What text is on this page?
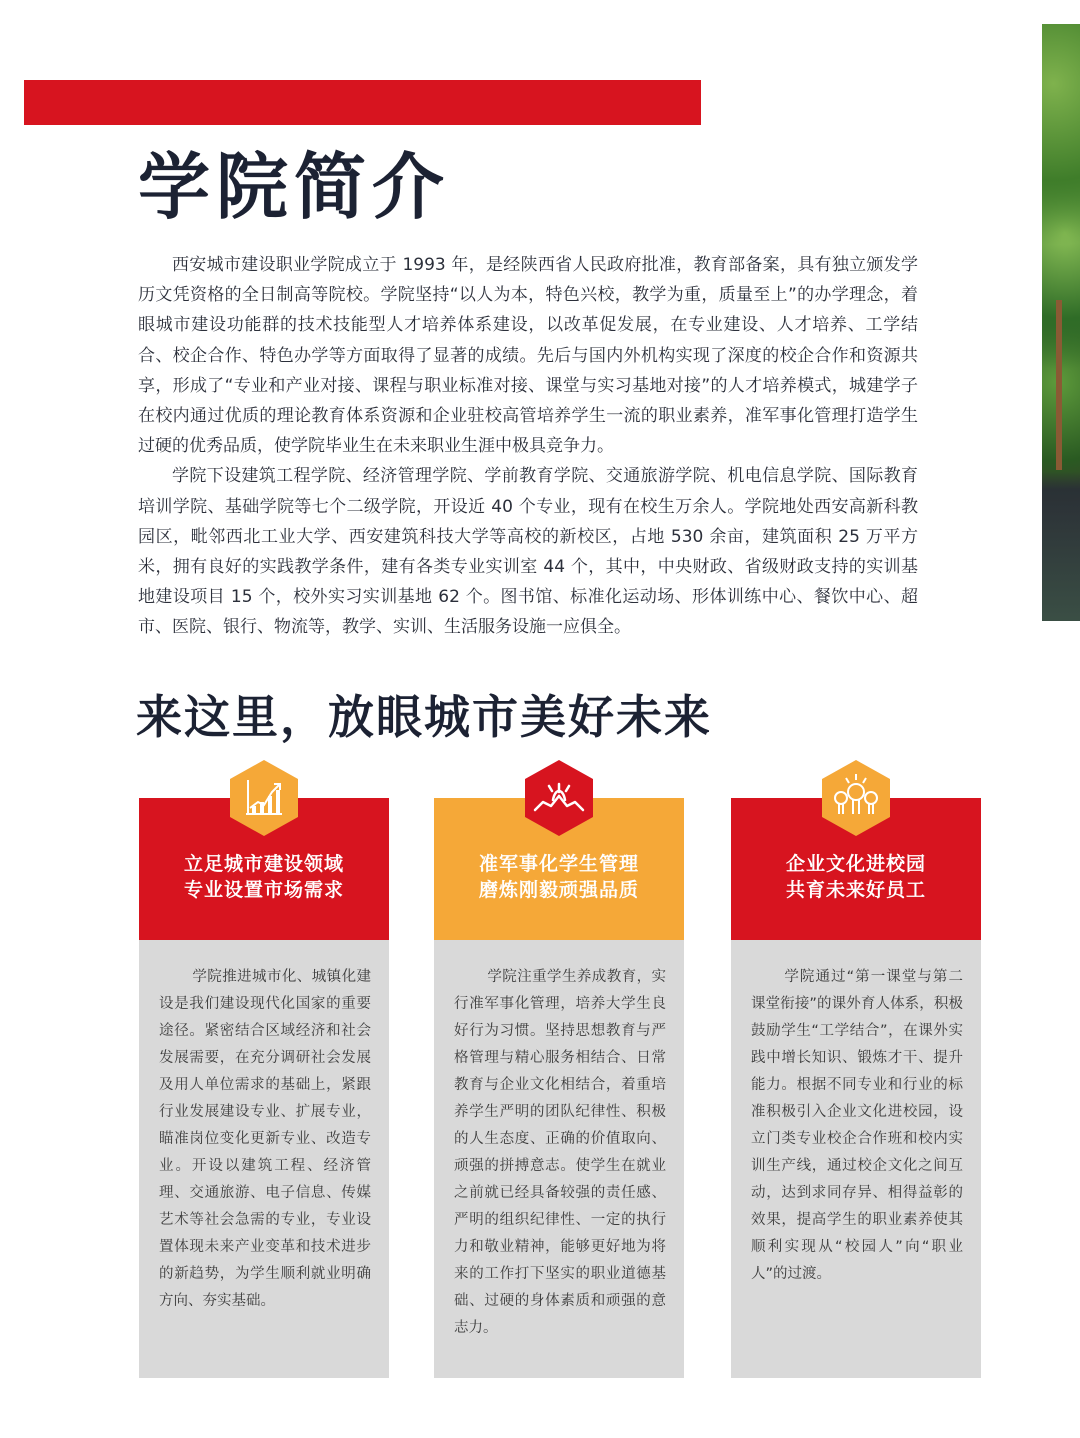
学院简介

西安城市建设职业学院成立于 1993 年，是经陕西省人民政府批准，教育部备案，具有独立颁发学历文凭资格的全日制高等院校。学院坚持“以人为本，特色兴校，教学为重，质量至上”的办学理念，着眼城市建设功能群的技术技能型人才培养体系建设，以改革促发展，在专业建设、人才培养、工学结合、校企合作、特色办学等方面取得了显著的成绩。先后与国内外机构实现了深度的校企合作和资源共享，形成了“专业和产业对接、课程与职业标准对接、课堂与实习基地对接”的人才培养模式，城建学子在校内通过优质的理论教育体系资源和企业驻校高管培养学生一流的职业素养，准军事化管理打造学生过硬的优秀品质，使学院毕业生在未来职业生涯中极具竞争力。

学院下设建筑工程学院、经济管理学院、学前教育学院、交通旅游学院、机电信息学院、国际教育培训学院、基础学院等七个二级学院，开设近 40 个专业，现有在校生万余人。学院地处西安高新科教园区，毗邻西北工业大学、西安建筑科技大学等高校的新校区，占地 530 余亩，建筑面积 25 万平方米，拥有良好的实践教学条件，建有各类专业实训室 44 个，其中，中央财政、省级财政支持的实训基地建设项目 15 个，校外实习实训基地 62 个。图书馆、标准化运动场、形体训练中心、餐饮中心、超市、医院、银行、物流等，教学、实训、生活服务设施一应俱全。

来这里，放眼城市美好未来
立足城市建设领域
专业设置市场需求

学院推进城市化、城镇化建设是我们建设现代化国家的重要途径。紧密结合区域经济和社会发展需要，在充分调研社会发展及用人单位需求的基础上，紧跟行业发展建设专业、扩展专业，瞄准岗位变化更新专业、改造专业。开设以建筑工程、经济管理、交通旅游、电子信息、传媒艺术等社会急需的专业，专业设置体现未来产业变革和技术进步的新趋势，为学生顺利就业明确方向、夯实基础。

准军事化学生管理
磨炼刚毅顽强品质

学院注重学生养成教育，实行准军事化管理，培养大学生良好行为习惯。坚持思想教育与严格管理与精心服务相结合、日常教育与企业文化相结合，着重培养学生严明的团队纪律性、积极的人生态度、正确的价值取向、顽强的拼搏意志。使学生在就业之前就已经具备较强的责任感、严明的组织纪律性、一定的执行力和敬业精神，能够更好地为将来的工作打下坚实的职业道德基础、过硬的身体素质和顽强的意志力。

企业文化进校园
共育未来好员工

学院通过“第一课堂与第二课堂衔接”的课外育人体系，积极鼓励学生“工学结合”，在课外实践中增长知识、锻炼才干、提升能力。根据不同专业和行业的标准积极引入企业文化进校园，设立门类专业校企合作班和校内实训生产线，通过校企文化之间互动，达到求同存异、相得益彰的效果，提高学生的职业素养使其顺利实现从“校园人”向“职业人”的过渡。
